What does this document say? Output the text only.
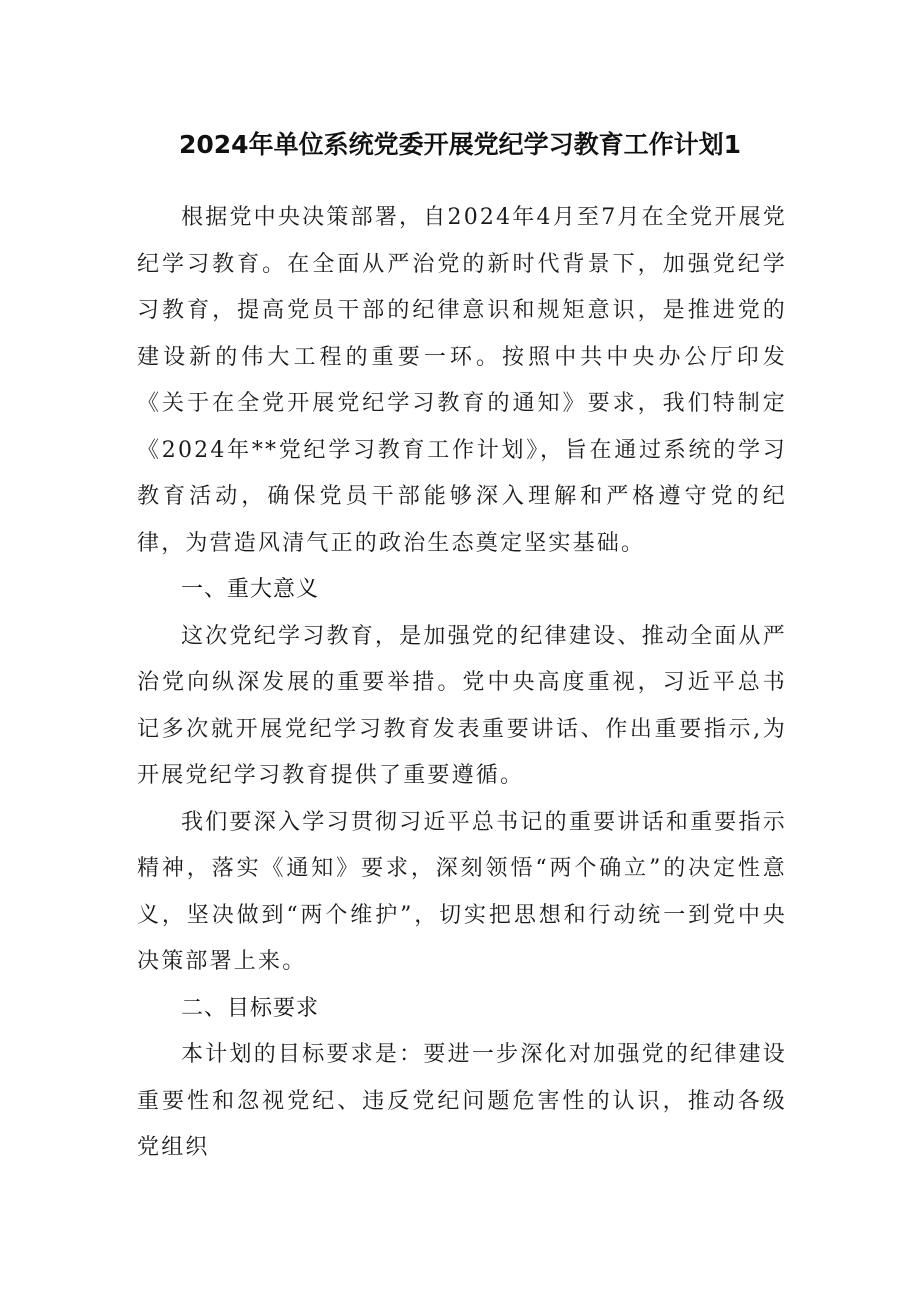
2024年单位系统党委开展党纪学习教育工作计划1

根据党中央决策部署，自2024年4月至7月在全党开展党纪学习教育。在全面从严治党的新时代背景下，加强党纪学习教育，提高党员干部的纪律意识和规矩意识，是推进党的建设新的伟大工程的重要一环。按照中共中央办公厅印发《关于在全党开展党纪学习教育的通知》要求，我们特制定《2024年**党纪学习教育工作计划》，旨在通过系统的学习教育活动，确保党员干部能够深入理解和严格遵守党的纪律，为营造风清气正的政治生态奠定坚实基础。

一、重大意义

这次党纪学习教育，是加强党的纪律建设、推动全面从严治党向纵深发展的重要举措。党中央高度重视，习近平总书记多次就开展党纪学习教育发表重要讲话、作出重要指示,为开展党纪学习教育提供了重要遵循。

我们要深入学习贯彻习近平总书记的重要讲话和重要指示精神，落实《通知》要求，深刻领悟“两个确立”的决定性意义，坚决做到“两个维护”，切实把思想和行动统一到党中央决策部署上来。

二、目标要求

本计划的目标要求是：要进一步深化对加强党的纪律建设重要性和忽视党纪、违反党纪问题危害性的认识，推动各级党组织
